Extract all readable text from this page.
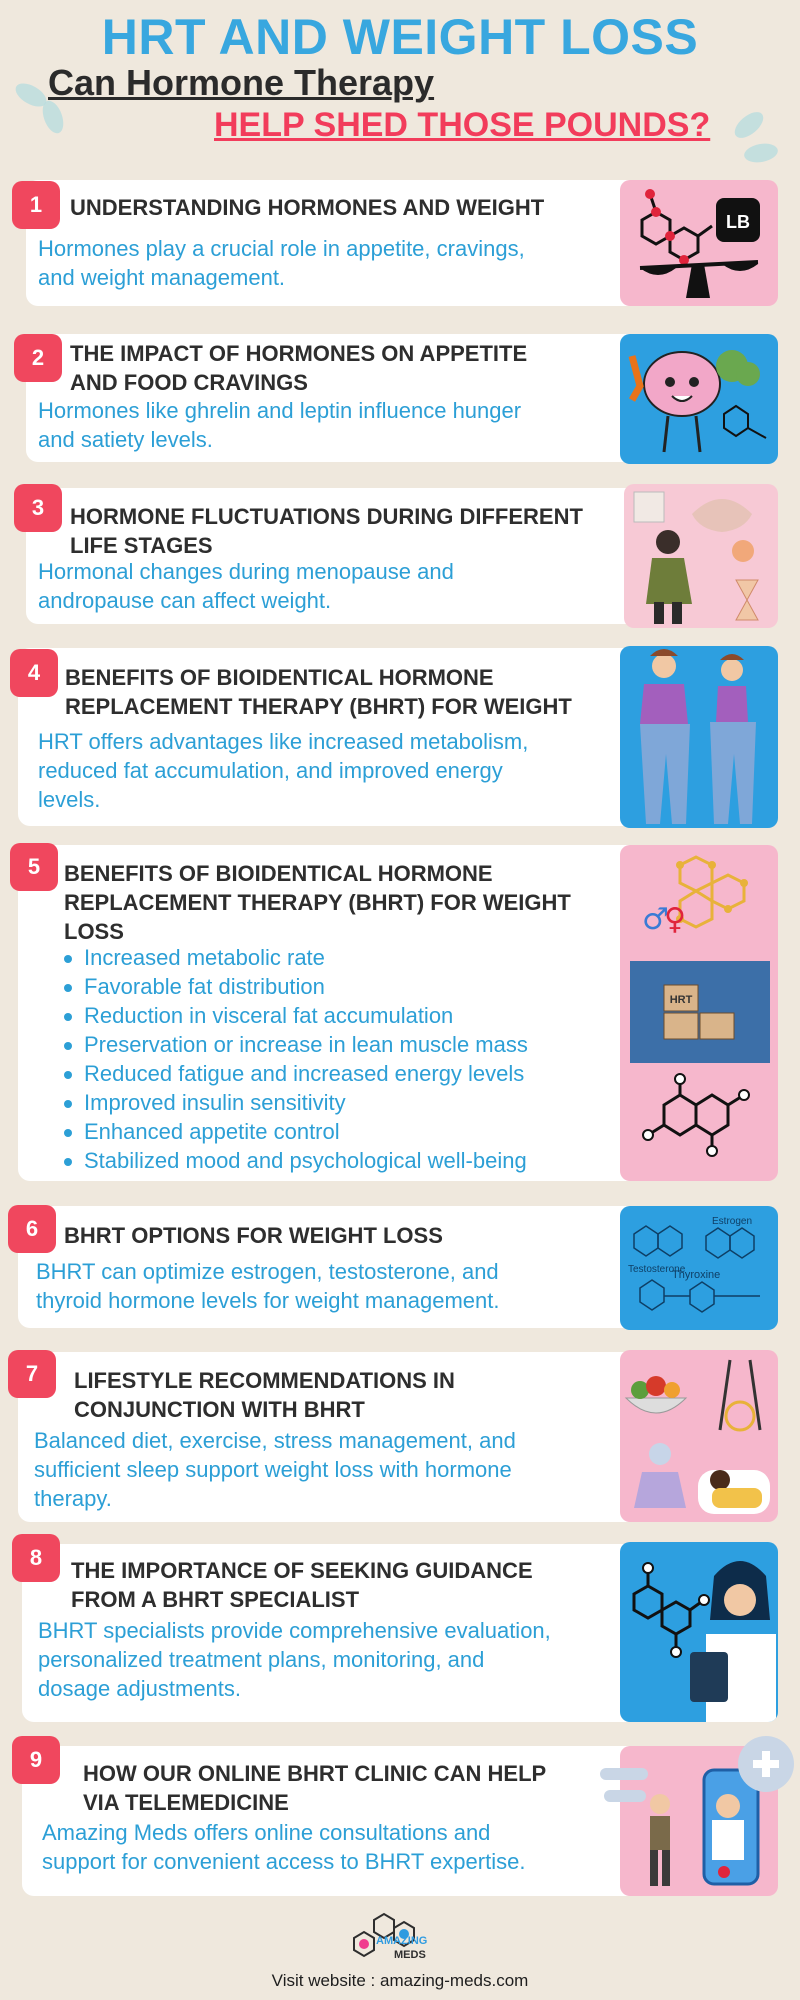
HRT AND WEIGHT LOSS
Can Hormone Therapy
HELP SHED THOSE POUNDS?
UNDERSTANDING HORMONES AND WEIGHT
Hormones play a crucial role in appetite, cravings,
and weight management.
1
LB
THE IMPACT OF HORMONES ON APPETITE
AND FOOD CRAVINGS
Hormones like ghrelin and leptin influence hunger
and satiety levels.
2
HORMONE FLUCTUATIONS DURING DIFFERENT
LIFE STAGES
Hormonal changes during menopause and
andropause can affect weight.
3
BENEFITS OF BIOIDENTICAL HORMONE
REPLACEMENT THERAPY (BHRT) FOR WEIGHT
HRT offers advantages like increased metabolism,
reduced fat accumulation, and improved energy
levels.
4
BENEFITS OF BIOIDENTICAL HORMONE
REPLACEMENT THERAPY (BHRT) FOR WEIGHT
LOSS
Increased metabolic rate
Favorable fat distribution
Reduction in visceral fat accumulation
Preservation or increase in lean muscle mass
Reduced fatigue and increased energy levels
Improved insulin sensitivity
Enhanced appetite control
Stabilized mood and psychological well-being
5
♂
♀
HRT
BHRT OPTIONS FOR WEIGHT LOSS
BHRT can optimize estrogen, testosterone, and
thyroid hormone levels for weight management.
6	Estrogen
Testosterone
Thyroxine
LIFESTYLE RECOMMENDATIONS IN
CONJUNCTION WITH BHRT
Balanced diet, exercise, stress management, and
sufficient sleep support weight loss with hormone
therapy.
7
THE IMPORTANCE OF SEEKING GUIDANCE
FROM A BHRT SPECIALIST
BHRT specialists provide comprehensive evaluation,
personalized treatment plans, monitoring, and
dosage adjustments.
8
HOW OUR ONLINE BHRT CLINIC CAN HELP
VIA TELEMEDICINE
Amazing Meds offers online consultations and
support for convenient access to BHRT expertise.
9
AMAZING
MEDS
Visit website : amazing-meds.com
